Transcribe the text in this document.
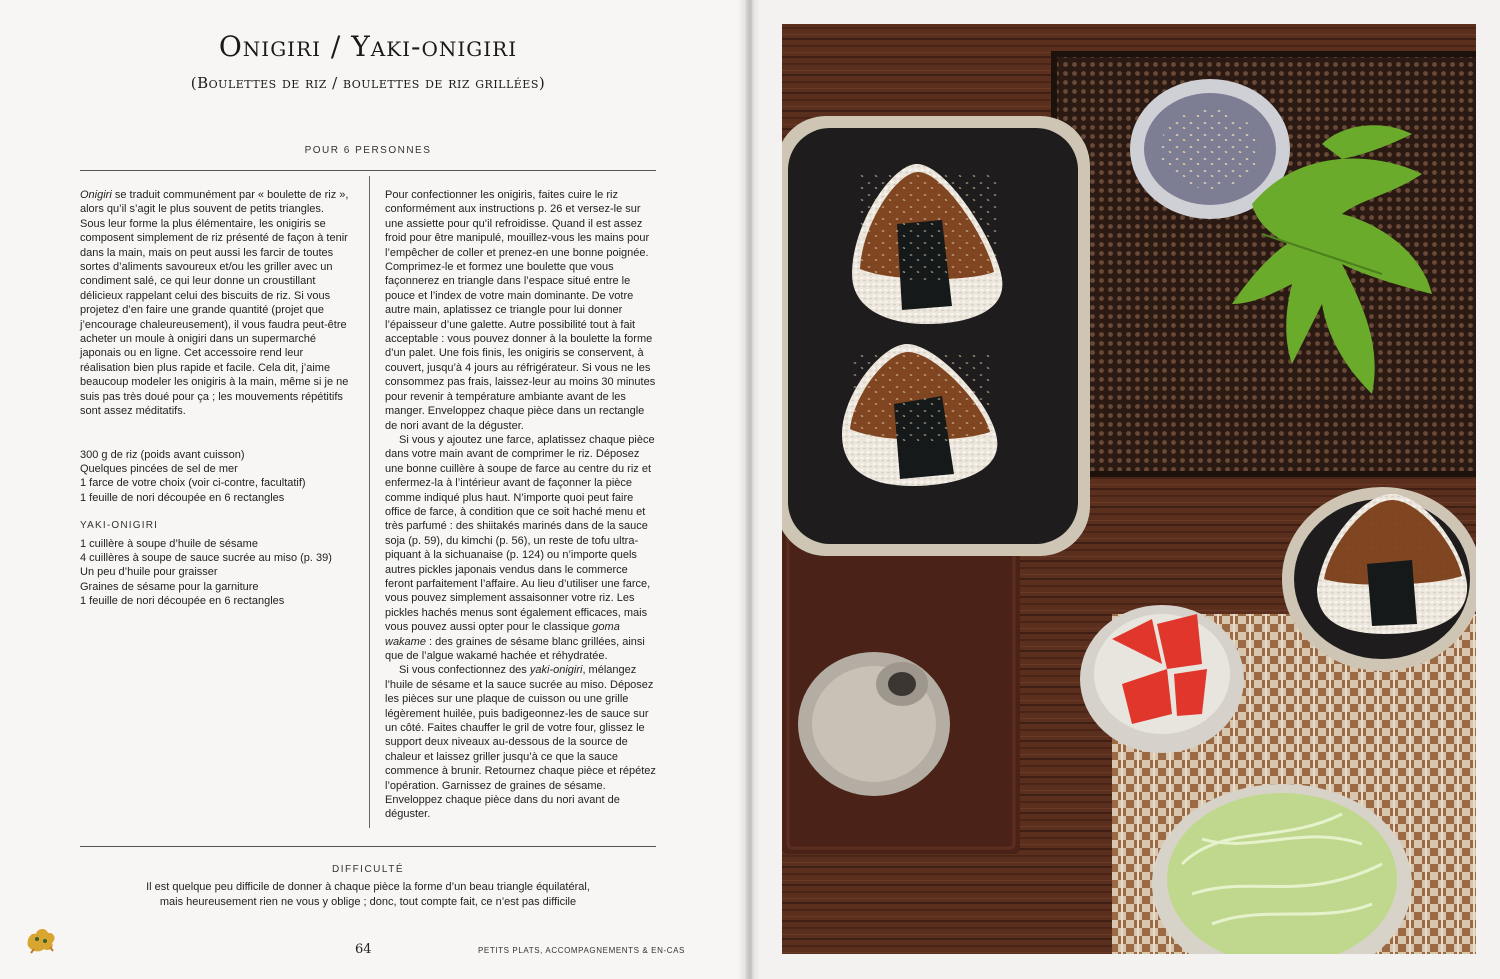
Onigiri / Yaki-onigiri
(Boulettes de riz / boulettes de riz grillées)
POUR 6 PERSONNES

Onigiri se traduit communément par « boulette de riz », alors qu’il s’agit le plus souvent de petits triangles. Sous leur forme la plus élémentaire, les onigiris se composent simplement de riz présenté de façon à tenir dans la main, mais on peut aussi les farcir de toutes sortes d’aliments savoureux et/ou les griller avec un condiment salé, ce qui leur donne un croustillant délicieux rappelant celui des biscuits de riz. Si vous projetez d’en faire une grande quantité (projet que j’encourage chaleureusement), il vous faudra peut-être acheter un moule à onigiri dans un supermarché japonais ou en ligne. Cet accessoire rend leur réalisation bien plus rapide et facile. Cela dit, j’aime beaucoup modeler les onigiris à la main, même si je ne suis pas très doué pour ça ; les mouvements répétitifs sont assez méditatifs.

300 g de riz (poids avant cuisson)
Quelques pincées de sel de mer
1 farce de votre choix (voir ci-contre, facultatif)
1 feuille de nori découpée en 6 rectangles
YAKI-ONIGIRI
1 cuillère à soupe d’huile de sésame
4 cuillères à soupe de sauce sucrée au miso (p. 39)
Un peu d’huile pour graisser
Graines de sésame pour la garniture
1 feuille de nori découpée en 6 rectangles

Pour confectionner les onigiris, faites cuire le riz conformément aux instructions p. 26 et versez-le sur une assiette pour qu’il refroidisse. Quand il est assez froid pour être manipulé, mouillez-vous les mains pour l’empêcher de coller et prenez-en une bonne poignée. Comprimez-le et formez une boulette que vous façonnerez en triangle dans l’espace situé entre le pouce et l’index de votre main dominante. De votre autre main, aplatissez ce triangle pour lui donner l’épaisseur d’une galette. Autre possibilité tout à fait acceptable : vous pouvez donner à la boulette la forme d’un palet. Une fois finis, les onigiris se conservent, à couvert, jusqu’à 4 jours au réfrigérateur. Si vous ne les consommez pas frais, laissez-leur au moins 30 minutes pour revenir à température ambiante avant de les manger. Enveloppez chaque pièce dans un rectangle de nori avant de la déguster.

Si vous y ajoutez une farce, aplatissez chaque pièce dans votre main avant de comprimer le riz. Déposez une bonne cuillère à soupe de farce au centre du riz et enfermez-la à l’intérieur avant de façonner la pièce comme indiqué plus haut. N’importe quoi peut faire office de farce, à condition que ce soit haché menu et très parfumé : des shiitakés marinés dans de la sauce soja (p. 59), du kimchi (p. 56), un reste de tofu ultra-piquant à la sichuanaise (p. 124) ou n’importe quels autres pickles japonais vendus dans le commerce feront parfaitement l’affaire. Au lieu d’utiliser une farce, vous pouvez simplement assaisonner votre riz. Les pickles hachés menus sont également efficaces, mais vous pouvez aussi opter pour le classique goma wakame : des graines de sésame blanc grillées, ainsi que de l’algue wakamé hachée et réhydratée.

Si vous confectionnez des yaki-onigiri, mélangez l’huile de sésame et la sauce sucrée au miso. Déposez les pièces sur une plaque de cuisson ou une grille légèrement huilée, puis badigeonnez-les de sauce sur un côté. Faites chauffer le gril de votre four, glissez le support deux niveaux au-dessous de la source de chaleur et laissez griller jusqu’à ce que la sauce commence à brunir. Retournez chaque pièce et répétez l’opération. Garnissez de graines de sésame. Enveloppez chaque pièce dans du nori avant de déguster.

DIFFICULTÉ
Il est quelque peu difficile de donner à chaque pièce la forme d’un beau triangle équilatéral,
mais heureusement rien ne vous y oblige ; donc, tout compte fait, ce n’est pas difficile
64	PETITS PLATS, ACCOMPAGNEMENTS & EN-CAS
